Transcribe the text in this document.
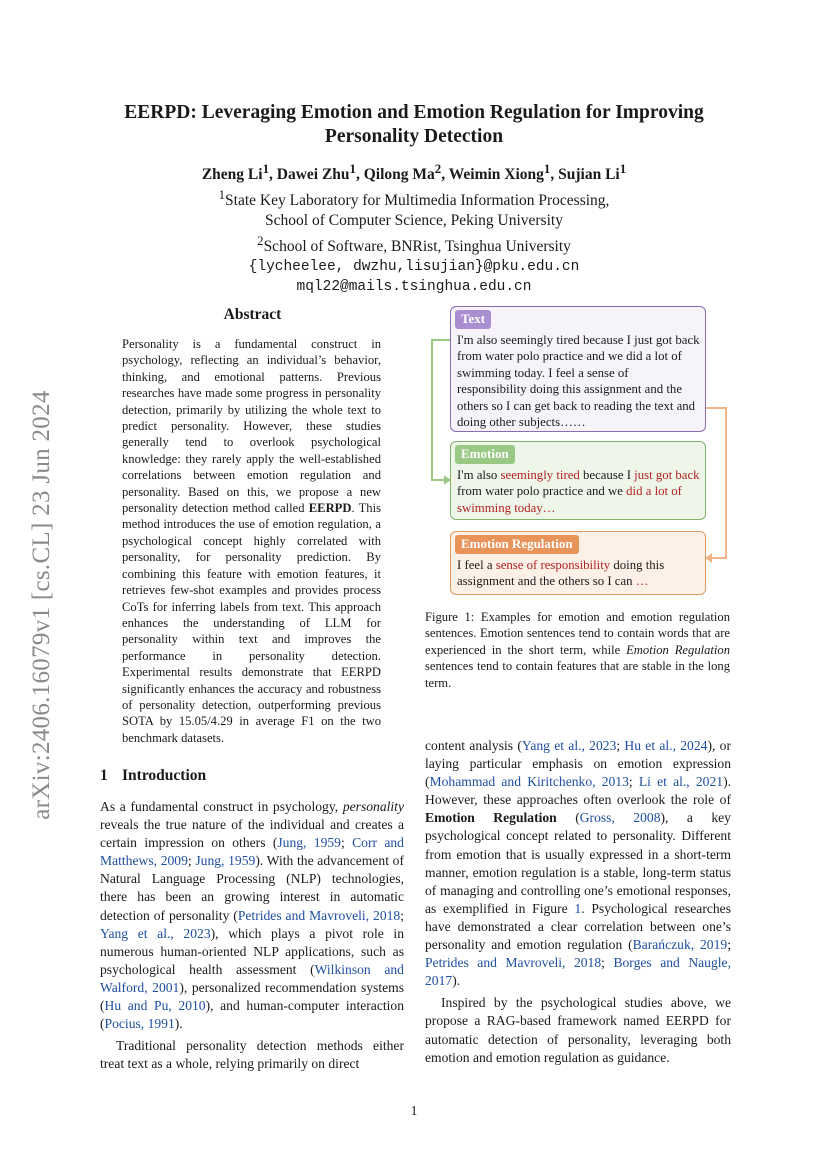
arXiv:2406.16079v1 [cs.CL] 23 Jun 2024
EERPD: Leveraging Emotion and Emotion Regulation for Improving
Personality Detection
Zheng Li$^1$, Dawei Zhu$^1$, Qilong Ma$^2$, Weimin Xiong$^1$, Sujian Li$^1$
$^1$State Key Laboratory for Multimedia Information Processing,
School of Computer Science, Peking University
$^2$School of Software, BNRist, Tsinghua University
{lycheelee, dwzhu,lisujian}@pku.edu.cn
mql22@mails.tsinghua.edu.cn
Abstract
Personality is a fundamental construct in psychology, reflecting an individual’s behavior, thinking, and emotional patterns. Previous researches have made some progress in personality detection, primarily by utilizing the whole text to predict personality. However, these studies generally tend to overlook psychological knowledge: they rarely apply the well-established correlations between emotion regulation and personality. Based on this, we propose a new personality detection method called EERPD. This method introduces the use of emotion regulation, a psychological concept highly correlated with personality, for personality prediction. By combining this feature with emotion features, it retrieves few-shot examples and provides process CoTs for inferring labels from text. This approach enhances the understanding of LLM for personality within text and improves the performance in personality detection. Experimental results demonstrate that EERPD significantly enhances the accuracy and robustness of personality detection, outperforming previous SOTA by 15.05/4.29 in average F1 on the two benchmark datasets.
Text
I'm also seemingly tired because I just got back from water polo practice and we did a lot of swimming today. I feel a sense of responsibility doing this assignment and the others so I can get back to reading the text and doing other subjects……
Emotion
I'm also seemingly tired because I just got back from water polo practice and we did a lot of swimming today…
Emotion Regulation
I feel a sense of responsibility doing this assignment and the others so I can …
Figure 1: Examples for emotion and emotion regulation sentences. Emotion sentences tend to contain words that are experienced in the short term, while Emotion Regulation sentences tend to contain features that are stable in the long term.
1 Introduction

As a fundamental construct in psychology, personality reveals the true nature of the individual and creates a certain impression on others (Jung, 1959; Corr and Matthews, 2009; Jung, 1959). With the advancement of Natural Language Processing (NLP) technologies, there has been an growing interest in automatic detection of personality (Petrides and Mavroveli, 2018; Yang et al., 2023), which plays a pivot role in numerous human-oriented NLP applications, such as psychological health assessment (Wilkinson and Walford, 2001), personalized recommendation systems (Hu and Pu, 2010), and human-computer interaction (Pocius, 1991).

Traditional personality detection methods either treat text as a whole, relying primarily on direct

content analysis (Yang et al., 2023; Hu et al., 2024), or laying particular emphasis on emotion expression (Mohammad and Kiritchenko, 2013; Li et al., 2021). However, these approaches often overlook the role of Emotion Regulation (Gross, 2008), a key psychological concept related to personality. Different from emotion that is usually expressed in a short-term manner, emotion regulation is a stable, long-term status of managing and controlling one’s emotional responses, as exemplified in Figure 1. Psychological researches have demonstrated a clear correlation between one’s personality and emotion regulation (Barańczuk, 2019; Petrides and Mavroveli, 2018; Borges and Naugle, 2017).

Inspired by the psychological studies above, we propose a RAG-based framework named EERPD for automatic detection of personality, leveraging both emotion and emotion regulation as guidance.

1
